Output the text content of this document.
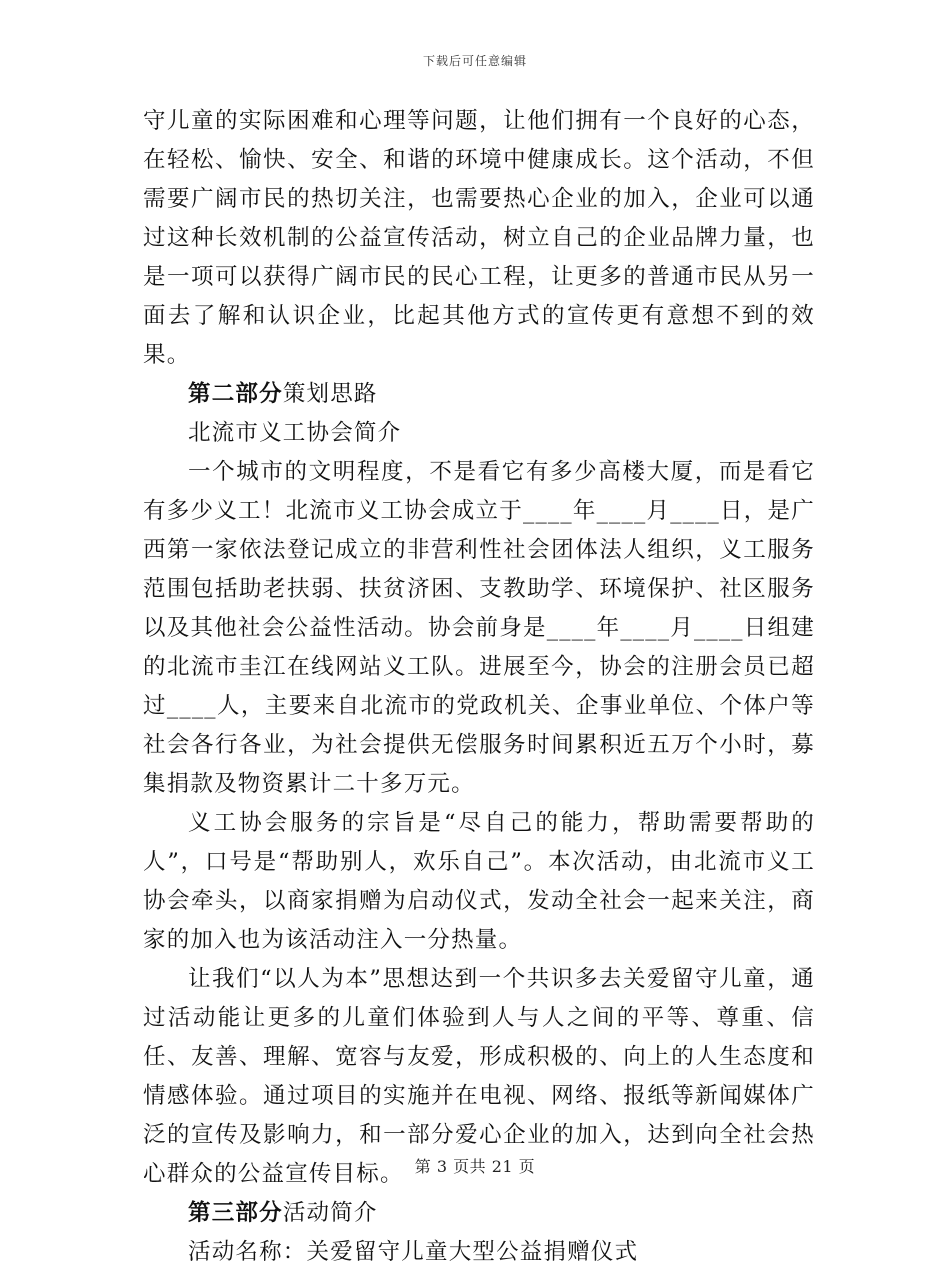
下载后可任意编辑

守儿童的实际困难和心理等问题，让他们拥有一个良好的心态，在轻松、愉快、安全、和谐的环境中健康成长。这个活动，不但需要广阔市民的热切关注，也需要热心企业的加入，企业可以通过这种长效机制的公益宣传活动，树立自己的企业品牌力量，也是一项可以获得广阔市民的民心工程，让更多的普通市民从另一面去了解和认识企业，比起其他方式的宣传更有意想不到的效果。

第二部分策划思路

北流市义工协会简介

一个城市的文明程度，不是看它有多少高楼大厦，而是看它有多少义工！北流市义工协会成立于____年____月____日，是广西第一家依法登记成立的非营利性社会团体法人组织，义工服务范围包括助老扶弱、扶贫济困、支教助学、环境保护、社区服务以及其他社会公益性活动。协会前身是____年____月____日组建的北流市圭江在线网站义工队。进展至今，协会的注册会员已超过____人，主要来自北流市的党政机关、企事业单位、个体户等社会各行各业，为社会提供无偿服务时间累积近五万个小时，募集捐款及物资累计二十多万元。

义工协会服务的宗旨是“尽自己的能力，帮助需要帮助的人”，口号是“帮助别人，欢乐自己”。本次活动，由北流市义工协会牵头，以商家捐赠为启动仪式，发动全社会一起来关注，商家的加入也为该活动注入一分热量。

让我们“以人为本”思想达到一个共识多去关爱留守儿童，通过活动能让更多的儿童们体验到人与人之间的平等、尊重、信任、友善、理解、宽容与友爱，形成积极的、向上的人生态度和情感体验。通过项目的实施并在电视、网络、报纸等新闻媒体广泛的宣传及影响力，和一部分爱心企业的加入，达到向全社会热心群众的公益宣传目标。

第三部分活动简介

活动名称：关爱留守儿童大型公益捐赠仪式

第 3 页共 21 页
